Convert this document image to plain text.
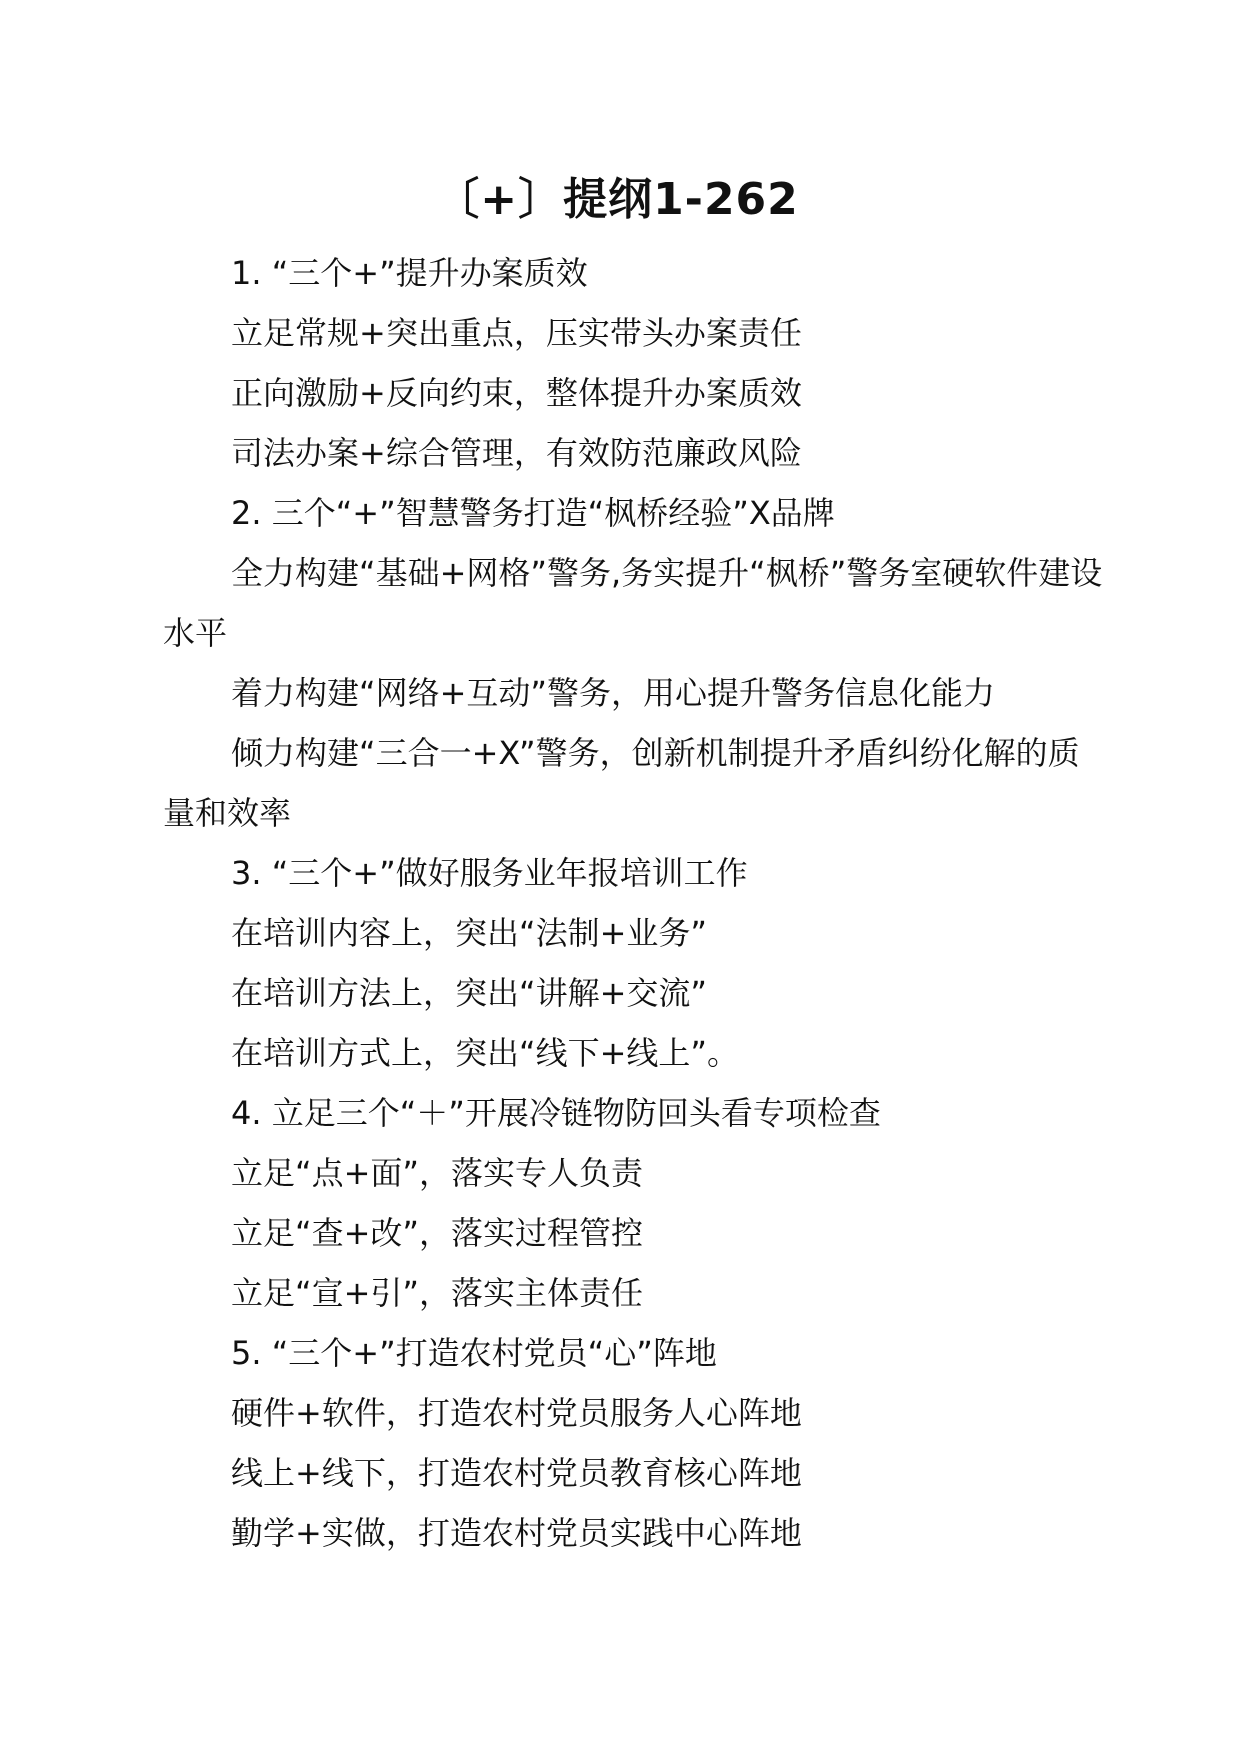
〔+〕提纲1-262

1. “三个+”提升办案质效

立足常规+突出重点，压实带头办案责任

正向激励+反向约束，整体提升办案质效

司法办案+综合管理，有效防范廉政风险

2. 三个“+”智慧警务打造“枫桥经验”X品牌

全力构建“基础+网格”警务,务实提升“枫桥”警务室硬软件建设水平

着力构建“网络+互动”警务，用心提升警务信息化能力

倾力构建“三合一+X”警务，创新机制提升矛盾纠纷化解的质量和效率

3. “三个+”做好服务业年报培训工作

在培训内容上，突出“法制+业务”

在培训方法上，突出“讲解+交流”

在培训方式上，突出“线下+线上”。

4. 立足三个“＋”开展冷链物防回头看专项检查

立足“点+面”，落实专人负责

立足“查+改”，落实过程管控

立足“宣+引”，落实主体责任

5. “三个+”打造农村党员“心”阵地

硬件+软件，打造农村党员服务人心阵地

线上+线下，打造农村党员教育核心阵地

勤学+实做，打造农村党员实践中心阵地
